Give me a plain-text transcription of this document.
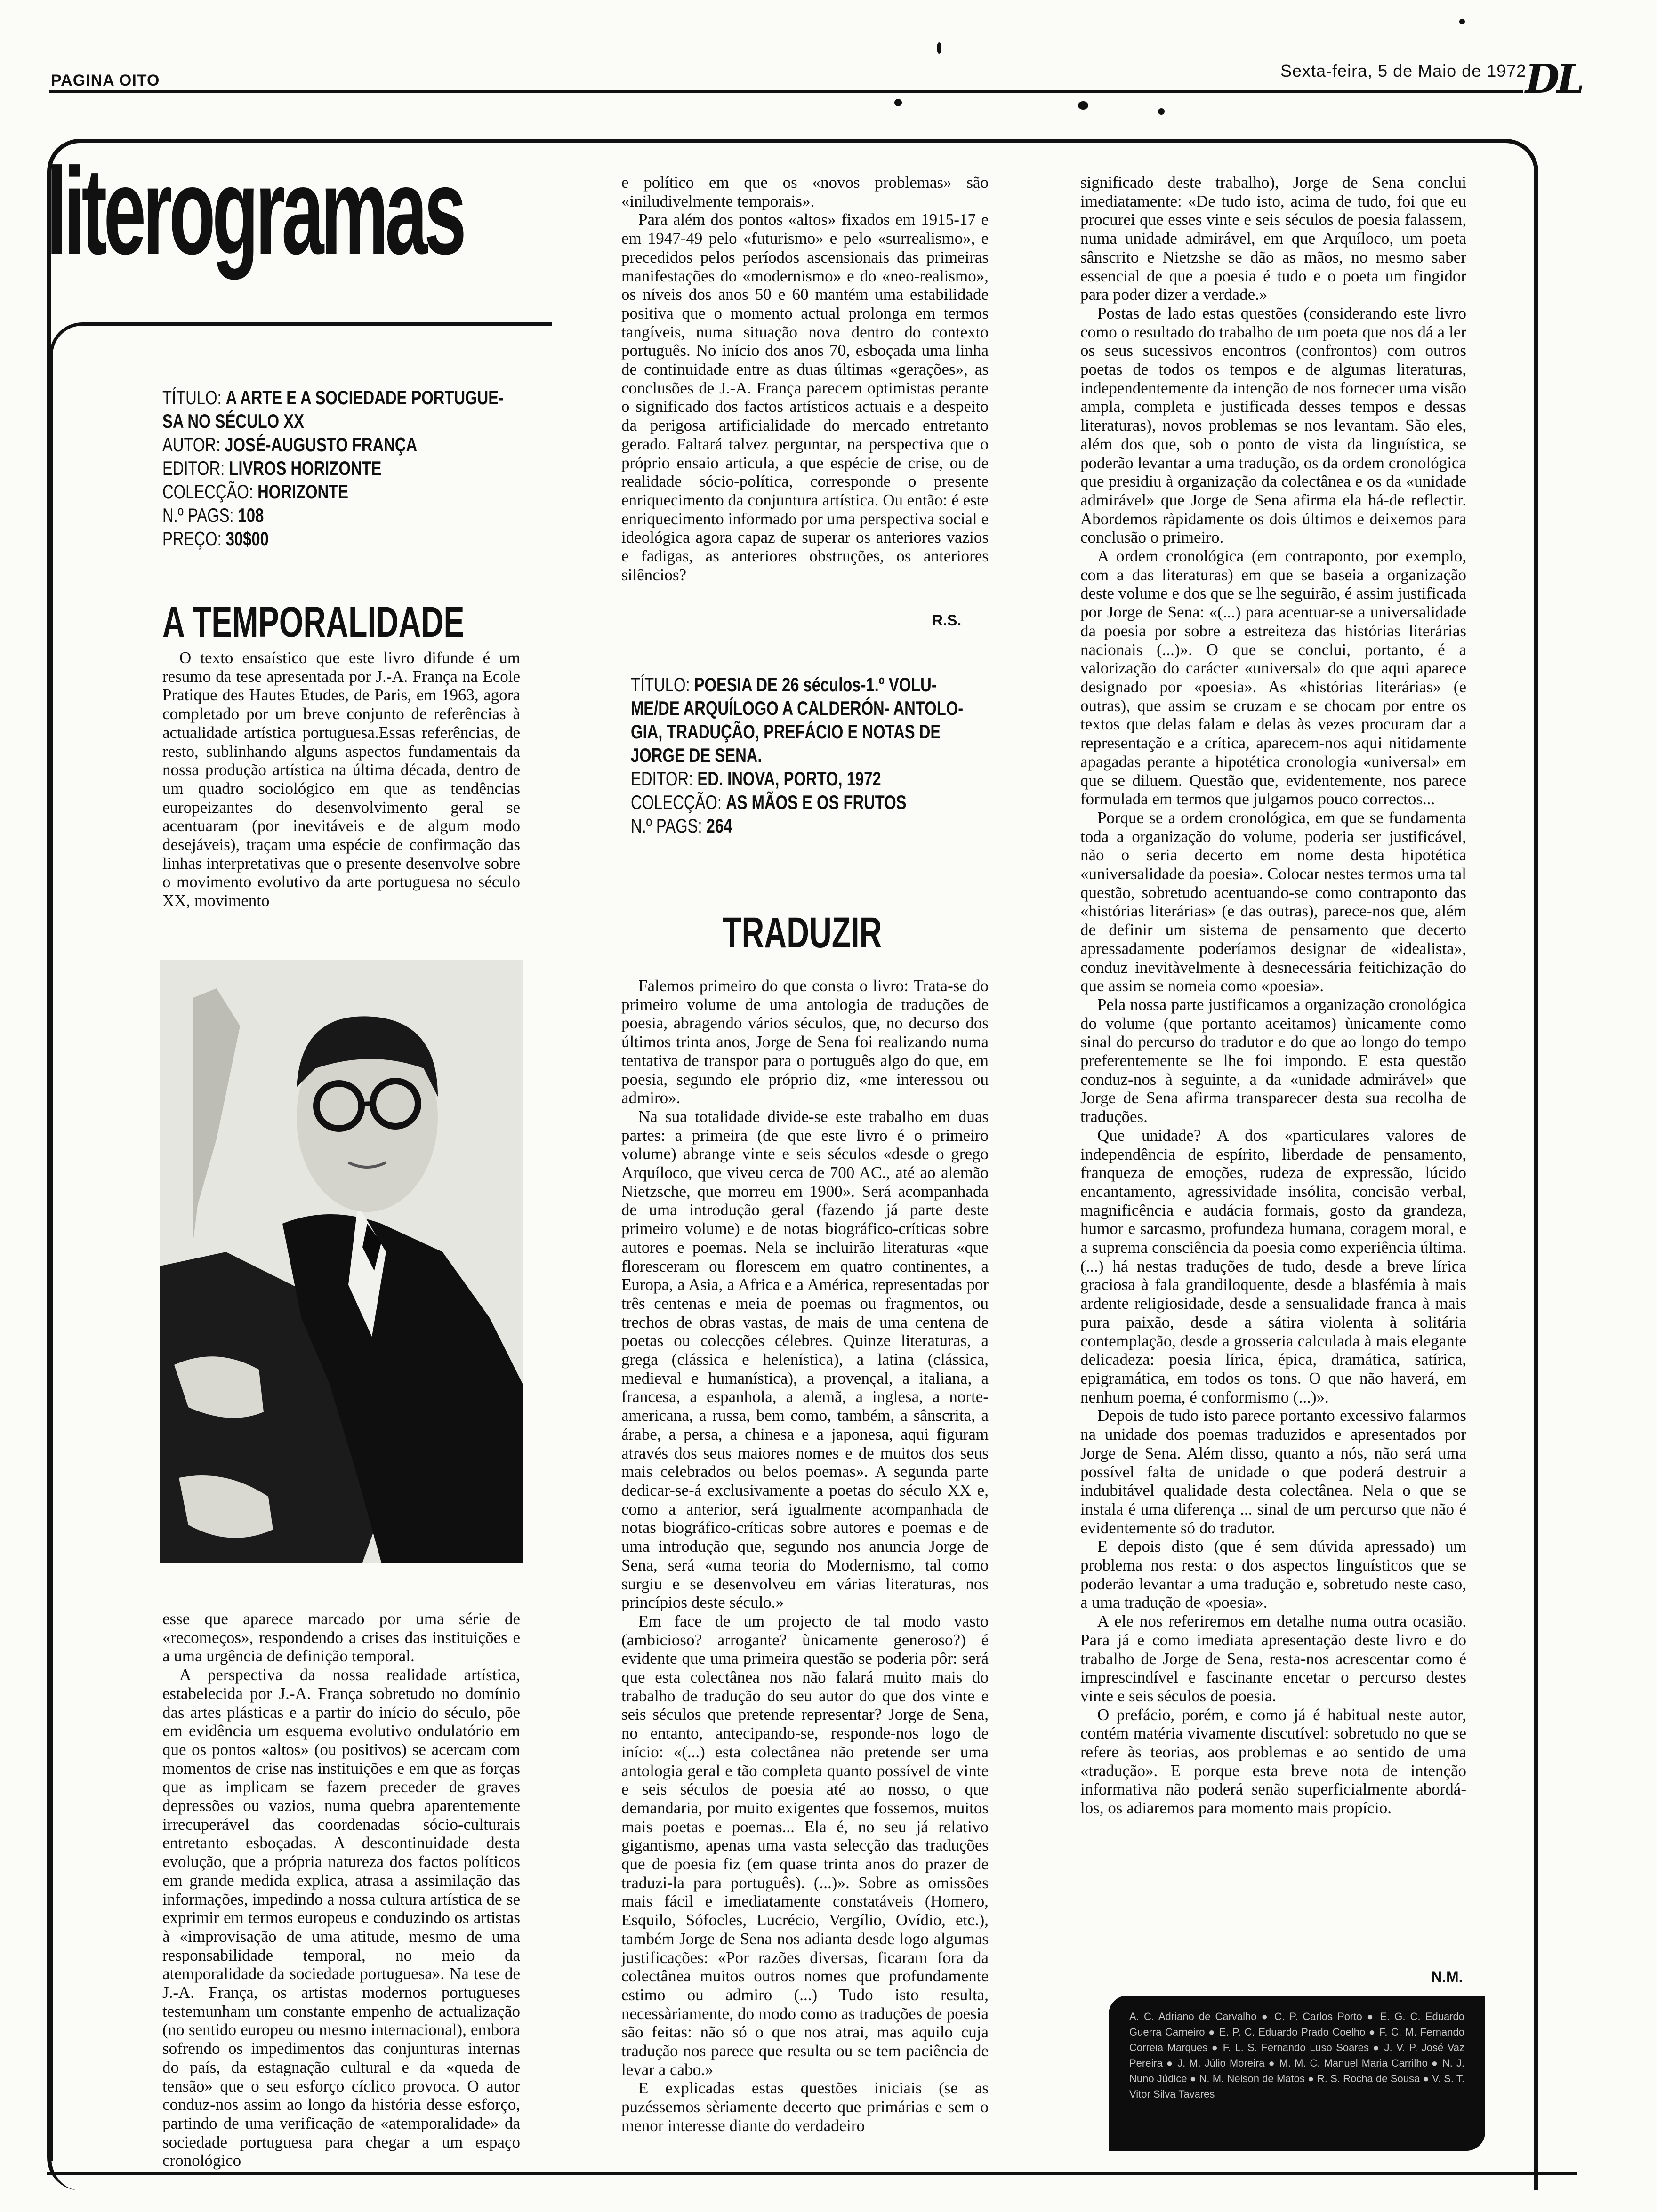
PAGINA OITO	Sexta-feira, 5 de Maio de 1972
DL
literogramas
TÍTULO: A ARTE E A SOCIEDADE PORTUGUE-
SA NO SÉCULO XX
AUTOR: JOSÉ-AUGUSTO FRANÇA
EDITOR: LIVROS HORIZONTE
COLECÇÃO: HORIZONTE
N.º PAGS: 108
PREÇO: 30$00
A TEMPORALIDADE

O texto ensaístico que este livro difunde é um resumo da tese apresentada por J.-A. França na Ecole Pratique des Hautes Etudes, de Paris, em 1963, agora completado por um breve conjunto de referências à actualidade artística portuguesa.Essas referências, de resto, sublinhando alguns aspectos fundamentais da nossa produção artística na última década, dentro de um quadro sociológico em que as tendências europeizantes do desenvolvimento geral se acentuaram (por inevitáveis e de algum modo desejáveis), traçam uma espécie de confirmação das linhas interpretativas que o presente desenvolve sobre o movimento evolutivo da arte portuguesa no século XX, movimento

esse que aparece marcado por uma série de «recomeços», respondendo a crises das instituições e a uma urgência de definição temporal.

A perspectiva da nossa realidade artística, estabelecida por J.-A. França sobretudo no domínio das artes plásticas e a partir do início do século, põe em evidência um esquema evolutivo ondulatório em que os pontos «altos» (ou positivos) se acercam com momentos de crise nas instituições e em que as forças que as implicam se fazem preceder de graves depressões ou vazios, numa quebra aparentemente irrecuperável das coordenadas sócio-culturais entretanto esboçadas. A descontinuidade desta evolução, que a própria natureza dos factos políticos em grande medida explica, atrasa a assimilação das informações, impedindo a nossa cultura artística de se exprimir em termos europeus e conduzindo os artistas à «improvisação de uma atitude, mesmo de uma responsabilidade temporal, no meio da atemporalidade da sociedade portuguesa». Na tese de J.-A. França, os artistas modernos portugueses testemunham um constante empenho de actualização (no sentido europeu ou mesmo internacional), embora sofrendo os impedimentos das conjunturas internas do país, da estagnação cultural e da «queda de tensão» que o seu esforço cíclico provoca. O autor conduz-nos assim ao longo da história desse esforço, partindo de uma verificação de «atemporalidade» da sociedade portuguesa para chegar a um espaço cronológico

e político em que os «novos problemas» são «iniludivelmente temporais».

Para além dos pontos «altos» fixados em 1915-17 e em 1947-49 pelo «futurismo» e pelo «surrealismo», e precedidos pelos períodos ascensionais das primeiras manifestações do «modernismo» e do «neo-realismo», os níveis dos anos 50 e 60 mantém uma estabilidade positiva que o momento actual prolonga em termos tangíveis, numa situação nova dentro do contexto português. No início dos anos 70, esboçada uma linha de continuidade entre as duas últimas «gerações», as conclusões de J.-A. França parecem optimistas perante o significado dos factos artísticos actuais e a despeito da perigosa artificialidade do mercado entretanto gerado. Faltará talvez perguntar, na perspectiva que o próprio ensaio articula, a que espécie de crise, ou de realidade sócio-política, corresponde o presente enriquecimento da conjuntura artística. Ou então: é este enriquecimento informado por uma perspectiva social e ideológica agora capaz de superar os anteriores vazios e fadigas, as anteriores obstruções, os anteriores silêncios?

R.S.
TÍTULO: POESIA DE 26 séculos-1.º VOLU-
ME/DE ARQUÍLOGO A CALDERÓN- ANTOLO-
GIA, TRADUÇÃO, PREFÁCIO E NOTAS DE
JORGE DE SENA.
EDITOR: ED. INOVA, PORTO, 1972
COLECÇÃO: AS MÃOS E OS FRUTOS
N.º PAGS: 264
TRADUZIR

Falemos primeiro do que consta o livro: Trata-se do primeiro volume de uma antologia de traduções de poesia, abragendo vários séculos, que, no decurso dos últimos trinta anos, Jorge de Sena foi realizando numa tentativa de transpor para o português algo do que, em poesia, segundo ele próprio diz, «me interessou ou admiro».

Na sua totalidade divide-se este trabalho em duas partes: a primeira (de que este livro é o primeiro volume) abrange vinte e seis séculos «desde o grego Arquíloco, que viveu cerca de 700 AC., até ao alemão Nietzsche, que morreu em 1900». Será acompanhada de uma introdução geral (fazendo já parte deste primeiro volume) e de notas biográfico-críticas sobre autores e poemas. Nela se incluirão literaturas «que floresceram ou florescem em quatro continentes, a Europa, a Asia, a Africa e a América, representadas por três centenas e meia de poemas ou fragmentos, ou trechos de obras vastas, de mais de uma centena de poetas ou colecções célebres. Quinze literaturas, a grega (clássica e helenística), a latina (clássica, medieval e humanística), a provençal, a italiana, a francesa, a espanhola, a alemã, a inglesa, a norte-americana, a russa, bem como, também, a sânscrita, a árabe, a persa, a chinesa e a japonesa, aqui figuram através dos seus maiores nomes e de muitos dos seus mais celebrados ou belos poemas». A segunda parte dedicar-se-á exclusivamente a poetas do século XX e, como a anterior, será igualmente acompanhada de notas biográfico-críticas sobre autores e poemas e de uma introdução que, segundo nos anuncia Jorge de Sena, será «uma teoria do Modernismo, tal como surgiu e se desenvolveu em várias literaturas, nos princípios deste século.»

Em face de um projecto de tal modo vasto (ambicioso? arrogante? ùnicamente generoso?) é evidente que uma primeira questão se poderia pôr: será que esta colectânea nos não falará muito mais do trabalho de tradução do seu autor do que dos vinte e seis séculos que pretende representar? Jorge de Sena, no entanto, antecipando-se, responde-nos logo de início: «(...) esta colectânea não pretende ser uma antologia geral e tão completa quanto possível de vinte e seis séculos de poesia até ao nosso, o que demandaria, por muito exigentes que fossemos, muitos mais poetas e poemas... Ela é, no seu já relativo gigantismo, apenas uma vasta selecção das traduções que de poesia fiz (em quase trinta anos do prazer de traduzi-la para português). (...)». Sobre as omissões mais fácil e imediatamente constatáveis (Homero, Esquilo, Sófocles, Lucrécio, Vergílio, Ovídio, etc.), também Jorge de Sena nos adianta desde logo algumas justificações: «Por razões diversas, ficaram fora da colectânea muitos outros nomes que profundamente estimo ou admiro (...) Tudo isto resulta, necessàriamente, do modo como as traduções de poesia são feitas: não só o que nos atrai, mas aquilo cuja tradução nos parece que resulta ou se tem paciência de levar a cabo.»

E explicadas estas questões iniciais (se as puzéssemos sèriamente decerto que primárias e sem o menor interesse diante do verdadeiro

significado deste trabalho), Jorge de Sena conclui imediatamente: «De tudo isto, acima de tudo, foi que eu procurei que esses vinte e seis séculos de poesia falassem, numa unidade admirável, em que Arquíloco, um poeta sânscrito e Nietzshe se dão as mãos, no mesmo saber essencial de que a poesia é tudo e o poeta um fingidor para poder dizer a verdade.»

Postas de lado estas questões (considerando este livro como o resultado do trabalho de um poeta que nos dá a ler os seus sucessivos encontros (confrontos) com outros poetas de todos os tempos e de algumas literaturas, independentemente da intenção de nos fornecer uma visão ampla, completa e justificada desses tempos e dessas literaturas), novos problemas se nos levantam. São eles, além dos que, sob o ponto de vista da linguística, se poderão levantar a uma tradução, os da ordem cronológica que presidiu à organização da colectânea e os da «unidade admirável» que Jorge de Sena afirma ela há-de reflectir. Abordemos ràpidamente os dois últimos e deixemos para conclusão o primeiro.

A ordem cronológica (em contraponto, por exemplo, com a das literaturas) em que se baseia a organização deste volume e dos que se lhe seguirão, é assim justificada por Jorge de Sena: «(...) para acentuar-se a universalidade da poesia por sobre a estreiteza das histórias literárias nacionais (...)». O que se conclui, portanto, é a valorização do carácter «universal» do que aqui aparece designado por «poesia». As «histórias literárias» (e outras), que assim se cruzam e se chocam por entre os textos que delas falam e delas às vezes procuram dar a representação e a crítica, aparecem-nos aqui nitidamente apagadas perante a hipotética cronologia «universal» em que se diluem. Questão que, evidentemente, nos parece formulada em termos que julgamos pouco correctos...

Porque se a ordem cronológica, em que se fundamenta toda a organização do volume, poderia ser justificável, não o seria decerto em nome desta hipotética «universalidade da poesia». Colocar nestes termos uma tal questão, sobretudo acentuando-se como contraponto das «histórias literárias» (e das outras), parece-nos que, além de definir um sistema de pensamento que decerto apressadamente poderíamos designar de «idealista», conduz inevitàvelmente à desnecessária feitichização do que assim se nomeia como «poesia».

Pela nossa parte justificamos a organização cronológica do volume (que portanto aceitamos) ùnicamente como sinal do percurso do tradutor e do que ao longo do tempo preferentemente se lhe foi impondo. E esta questão conduz-nos à seguinte, a da «unidade admirável» que Jorge de Sena afirma transparecer desta sua recolha de traduções.

Que unidade? A dos «particulares valores de independência de espírito, liberdade de pensamento, franqueza de emoções, rudeza de expressão, lúcido encantamento, agressividade insólita, concisão verbal, magnificência e audácia formais, gosto da grandeza, humor e sarcasmo, profundeza humana, coragem moral, e a suprema consciência da poesia como experiência última. (...) há nestas traduções de tudo, desde a breve lírica graciosa à fala grandiloquente, desde a blasfémia à mais ardente religiosidade, desde a sensualidade franca à mais pura paixão, desde a sátira violenta à solitária contemplação, desde a grosseria calculada à mais elegante delicadeza: poesia lírica, épica, dramática, satírica, epigramática, em todos os tons. O que não haverá, em nenhum poema, é conformismo (...)».

Depois de tudo isto parece portanto excessivo falarmos na unidade dos poemas traduzidos e apresentados por Jorge de Sena. Além disso, quanto a nós, não será uma possível falta de unidade o que poderá destruir a indubitável qualidade desta colectânea. Nela o que se instala é uma diferença ... sinal de um percurso que não é evidentemente só do tradutor.

E depois disto (que é sem dúvida apressado) um problema nos resta: o dos aspectos linguísticos que se poderão levantar a uma tradução e, sobretudo neste caso, a uma tradução de «poesia».

A ele nos referiremos em detalhe numa outra ocasião. Para já e como imediata apresentação deste livro e do trabalho de Jorge de Sena, resta-nos acrescentar como é imprescindível e fascinante encetar o percurso destes vinte e seis séculos de poesia.

O prefácio, porém, e como já é habitual neste autor, contém matéria vivamente discutível: sobretudo no que se refere às teorias, aos problemas e ao sentido de uma «tradução». E porque esta breve nota de intenção informativa não poderá senão superficialmente abordá-los, os adiaremos para momento mais propício.

N.M.
A. C. Adriano de Carvalho ● C. P. Carlos Porto ● E. G. C. Eduardo Guerra Carneiro ● E. P. C. Eduardo Prado Coelho ● F. C. M. Fernando Correia Marques ● F. L. S. Fernando Luso Soares ● J. V. P. José Vaz Pereira ● J. M. Júlio Moreira ● M. M. C. Manuel Maria Carrilho ● N. J. Nuno Júdice ● N. M. Nelson de Matos ● R. S. Rocha de Sousa ● V. S. T. Vitor Silva Tavares
